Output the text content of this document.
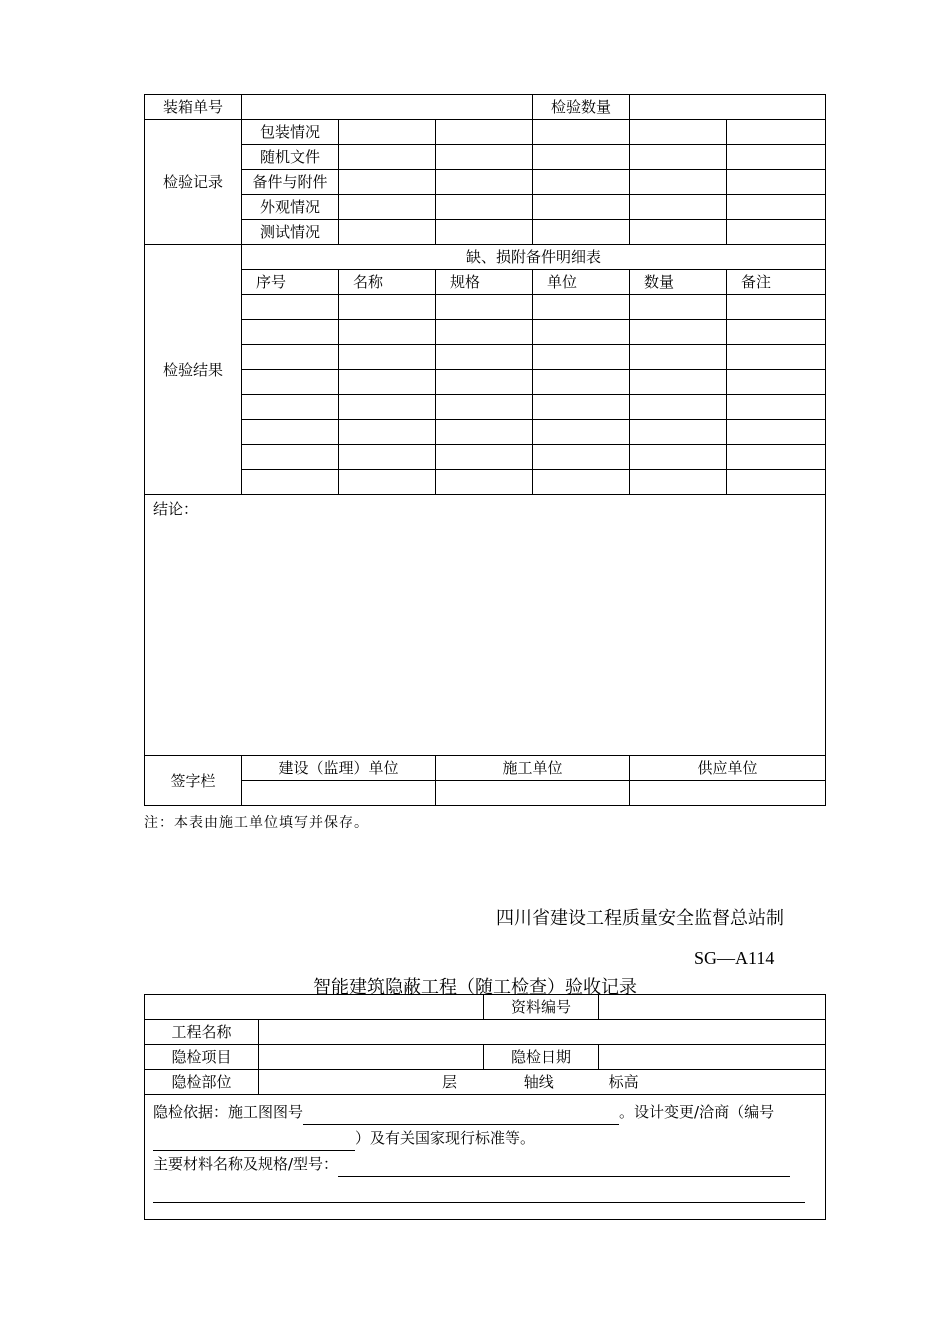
装箱单号				检验数量		
检验记录	包装情况					
	随机文件					
	备件与附件					
	外观情况					
	测试情况					
检验结果	缺、损附备件明细表					
	序号	名称	规格	单位	数量	备注

结论：						
签字栏	建设（监理）单位		施工单位		供应单位	

注：本表由施工单位填写并保存。
四川省建设工程质量安全监督总站制
SG—A114
智能建筑隐蔽工程（随工检查）验收记录
		资料编号	
工程名称			
隐检项目		隐检日期	
隐检部位	层 轴线 标高		

隐检依据：施工图图号 。设计变更/洽商（编号
）及有关国家现行标准等。
主要材料名称及规格/型号：			
